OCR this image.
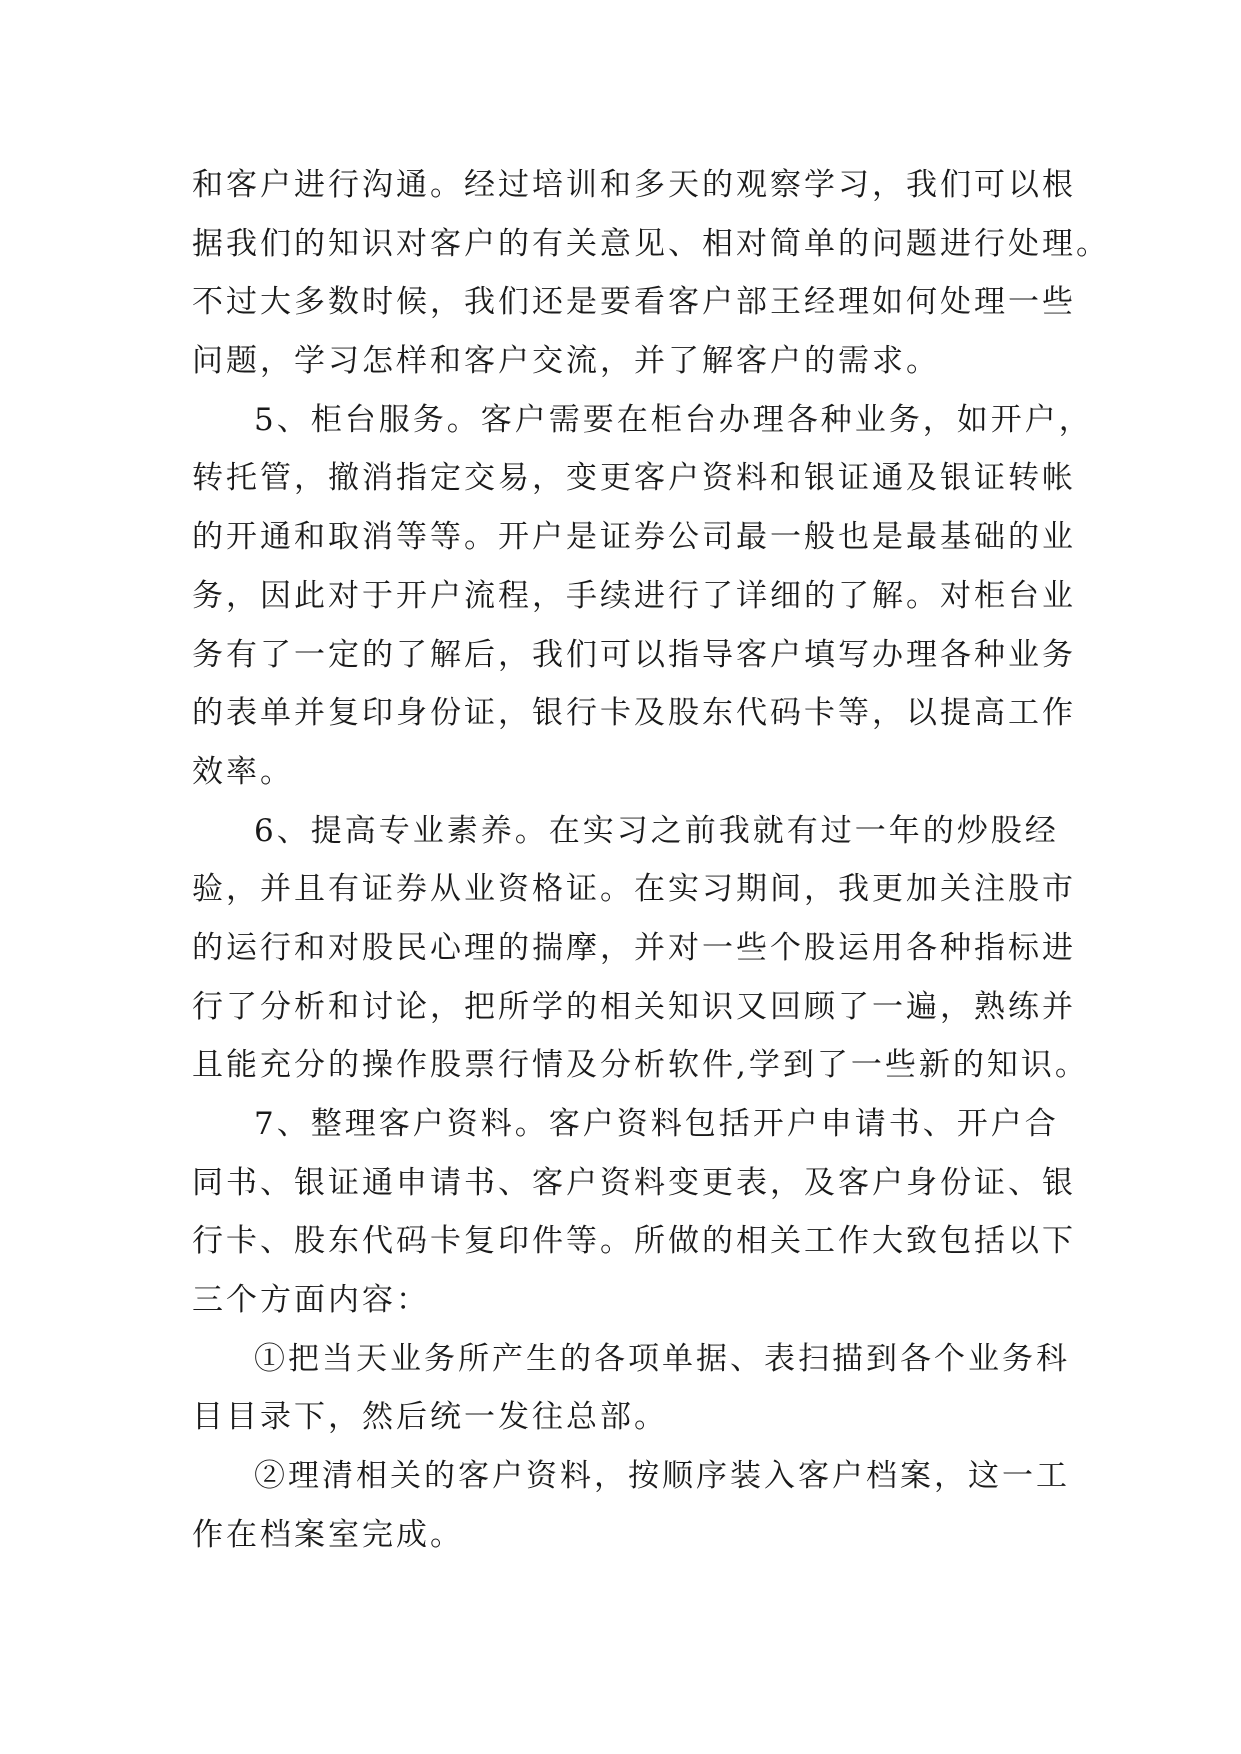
和客户进行沟通。经过培训和多天的观察学习，我们可以根
据我们的知识对客户的有关意见、相对简单的问题进行处理。
不过大多数时候，我们还是要看客户部王经理如何处理一些
问题，学习怎样和客户交流，并了解客户的需求。
5、柜台服务。客户需要在柜台办理各种业务，如开户，
转托管，撤消指定交易，变更客户资料和银证通及银证转帐
的开通和取消等等。开户是证券公司最一般也是最基础的业
务，因此对于开户流程，手续进行了详细的了解。对柜台业
务有了一定的了解后，我们可以指导客户填写办理各种业务
的表单并复印身份证，银行卡及股东代码卡等，以提高工作
效率。
6、提高专业素养。在实习之前我就有过一年的炒股经
验，并且有证券从业资格证。在实习期间，我更加关注股市
的运行和对股民心理的揣摩，并对一些个股运用各种指标进
行了分析和讨论，把所学的相关知识又回顾了一遍，熟练并
且能充分的操作股票行情及分析软件,学到了一些新的知识。
7、整理客户资料。客户资料包括开户申请书、开户合
同书、银证通申请书、客户资料变更表，及客户身份证、银
行卡、股东代码卡复印件等。所做的相关工作大致包括以下
三个方面内容：
①把当天业务所产生的各项单据、表扫描到各个业务科
目目录下，然后统一发往总部。
②理清相关的客户资料，按顺序装入客户档案，这一工
作在档案室完成。
